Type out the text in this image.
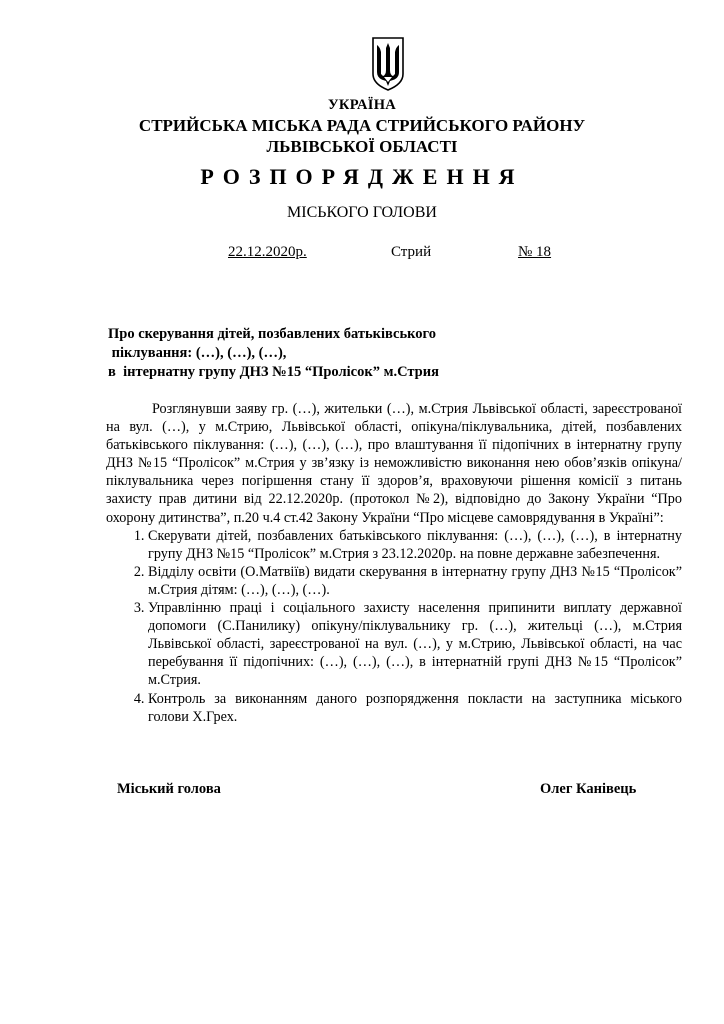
УКРАЇНА
СТРИЙСЬКА МІСЬКА РАДА СТРИЙСЬКОГО РАЙОНУ
ЛЬВІВСЬКОЇ ОБЛАСТІ
РОЗПОРЯДЖЕННЯ
МІСЬКОГО ГОЛОВИ
22.12.2020р.	Стрий	№ 18
Про скерування дітей, позбавлених батьківського
піклування: (…), (…), (…),
в  інтернатну групу ДНЗ №15 “Пролісок” м.Стрия

Розглянувши заяву гр. (…), жительки (…), м.Стрия Львівської області, зареєстрованої на вул. (…), у м.Стрию, Львівської області, опікуна/піклувальника, дітей, позбавлених батьківського піклування: (…), (…), (…), про влаштування її підопічних в інтернатну групу ДНЗ №15 “Пролісок” м.Стрия у зв’язку із неможливістю виконання нею обов’язків опікуна/піклувальника через погіршення стану її здоров’я, враховуючи рішення комісії з питань захисту прав дитини від 22.12.2020р. (протокол №2), відповідно до Закону України “Про охорону дитинства”, п.20 ч.4 ст.42 Закону України “Про місцеве самоврядування в Україні”:

1. Скерувати дітей, позбавлених батьківського піклування: (…), (…), (…), в інтернатну групу ДНЗ №15 “Пролісок” м.Стрия з 23.12.2020р. на повне державне забезпечення.
2. Відділу освіти (О.Матвіїв) видати скерування в інтернатну групу ДНЗ №15 “Пролісок” м.Стрия дітям: (…), (…), (…).
3. Управлінню праці і соціального захисту населення припинити виплату державної допомоги (С.Панилику) опікуну/піклувальнику гр. (…), жительці (…), м.Стрия Львівської області, зареєстрованої на вул. (…), у м.Стрию, Львівської області, на час перебування її підопічних: (…), (…), (…), в інтернатній групі ДНЗ №15 “Пролісок” м.Стрия.
4. Контроль за виконанням даного розпорядження покласти на заступника міського голови Х.Грех.
Міський голова	Олег Канівець
